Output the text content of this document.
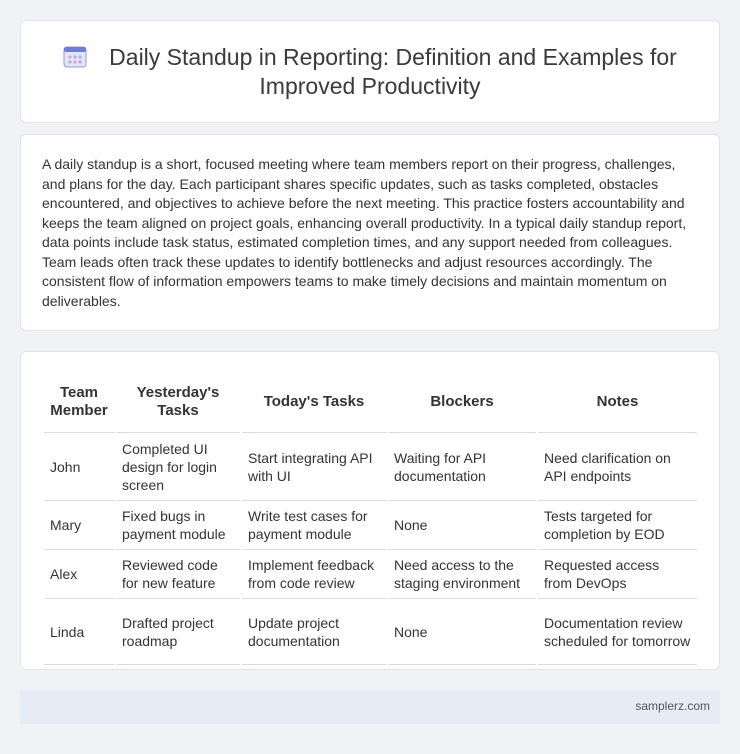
Daily Standup in Reporting: Definition and Examples for Improved Productivity

A daily standup is a short, focused meeting where team members report on their progress, challenges, and plans for the day. Each participant shares specific updates, such as tasks completed, obstacles encountered, and objectives to achieve before the next meeting. This practice fosters accountability and keeps the team aligned on project goals, enhancing overall productivity. In a typical daily standup report, data points include task status, estimated completion times, and any support needed from colleagues. Team leads often track these updates to identify bottlenecks and adjust resources accordingly. The consistent flow of information empowers teams to make timely decisions and maintain momentum on deliverables.

Team Member	Yesterday's Tasks	Today's Tasks	Blockers	Notes
John	Completed UI design for login screen	Start integrating API with UI	Waiting for API documentation	Need clarification on API endpoints
Mary	Fixed bugs in payment module	Write test cases for payment module	None	Tests targeted for completion by EOD
Alex	Reviewed code for new feature	Implement feedback from code review	Need access to the staging environment	Requested access from DevOps
Linda	Drafted project roadmap	Update project documentation	None	Documentation review scheduled for tomorrow
samplerz.com
